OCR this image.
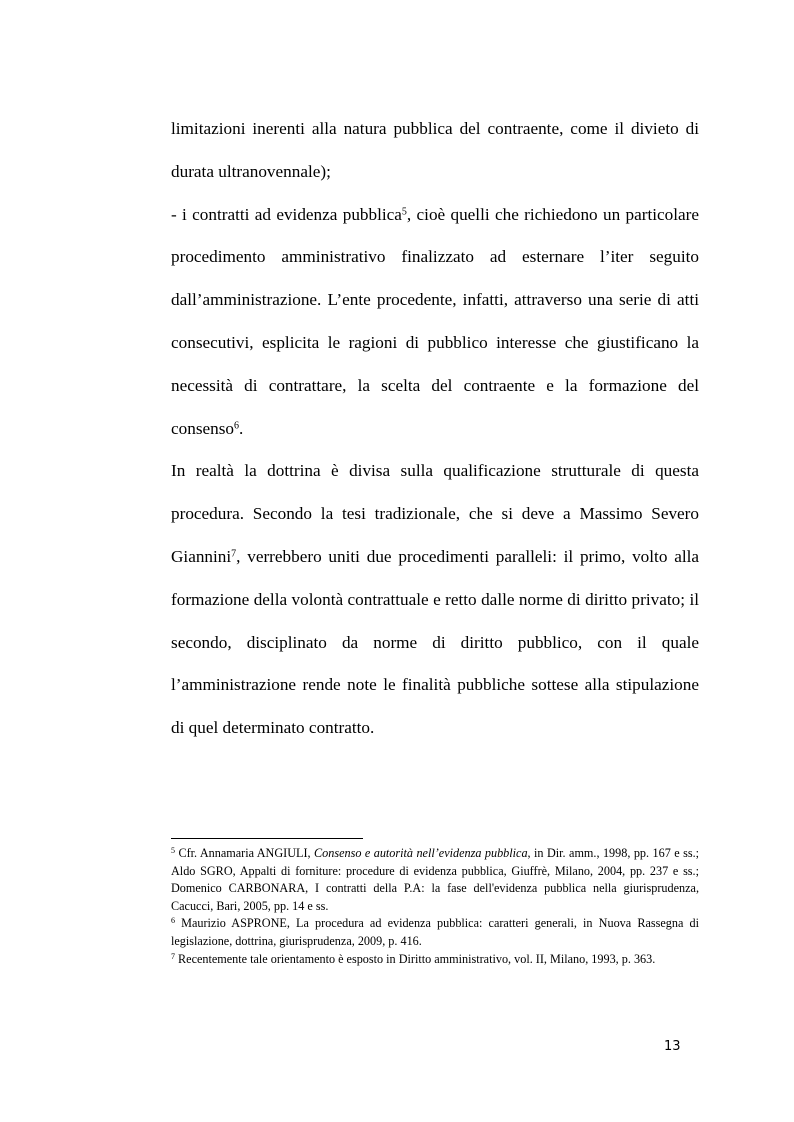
limitazioni inerenti alla natura pubblica del contraente, come il divieto di durata ultranovennale);

- i contratti ad evidenza pubblica$^5$, cioè quelli che richiedono un particolare procedimento amministrativo finalizzato ad esternare l’iter seguito dall’amministrazione. L’ente procedente, infatti, attraverso una serie di atti consecutivi, esplicita le ragioni di pubblico interesse che giustificano la necessità di contrattare, la scelta del contraente e la formazione del consenso$^6$.

In realtà la dottrina è divisa sulla qualificazione strutturale di questa procedura. Secondo la tesi tradizionale, che si deve a Massimo Severo Giannini$^7$, verrebbero uniti due procedimenti paralleli: il primo, volto alla formazione della volontà contrattuale e retto dalle norme di diritto privato; il secondo, disciplinato da norme di diritto pubblico, con il quale l’amministrazione rende note le finalità pubbliche sottese alla stipulazione di quel determinato contratto.

$^5$ Cfr. Annamaria ANGIULI, Consenso e autorità nell’evidenza pubblica, in Dir. amm., 1998, pp. 167 e ss.; Aldo SGRO, Appalti di forniture: procedure di evidenza pubblica, Giuffrè, Milano, 2004, pp. 237 e ss.; Domenico CARBONARA, I contratti della P.A: la fase dell'evidenza pubblica nella giurisprudenza, Cacucci, Bari, 2005, pp. 14 e ss.

$^6$ Maurizio ASPRONE, La procedura ad evidenza pubblica: caratteri generali, in Nuova Rassegna di legislazione, dottrina, giurisprudenza, 2009, p. 416.

$^7$ Recentemente tale orientamento è esposto in Diritto amministrativo, vol. II, Milano, 1993, p. 363.

13
